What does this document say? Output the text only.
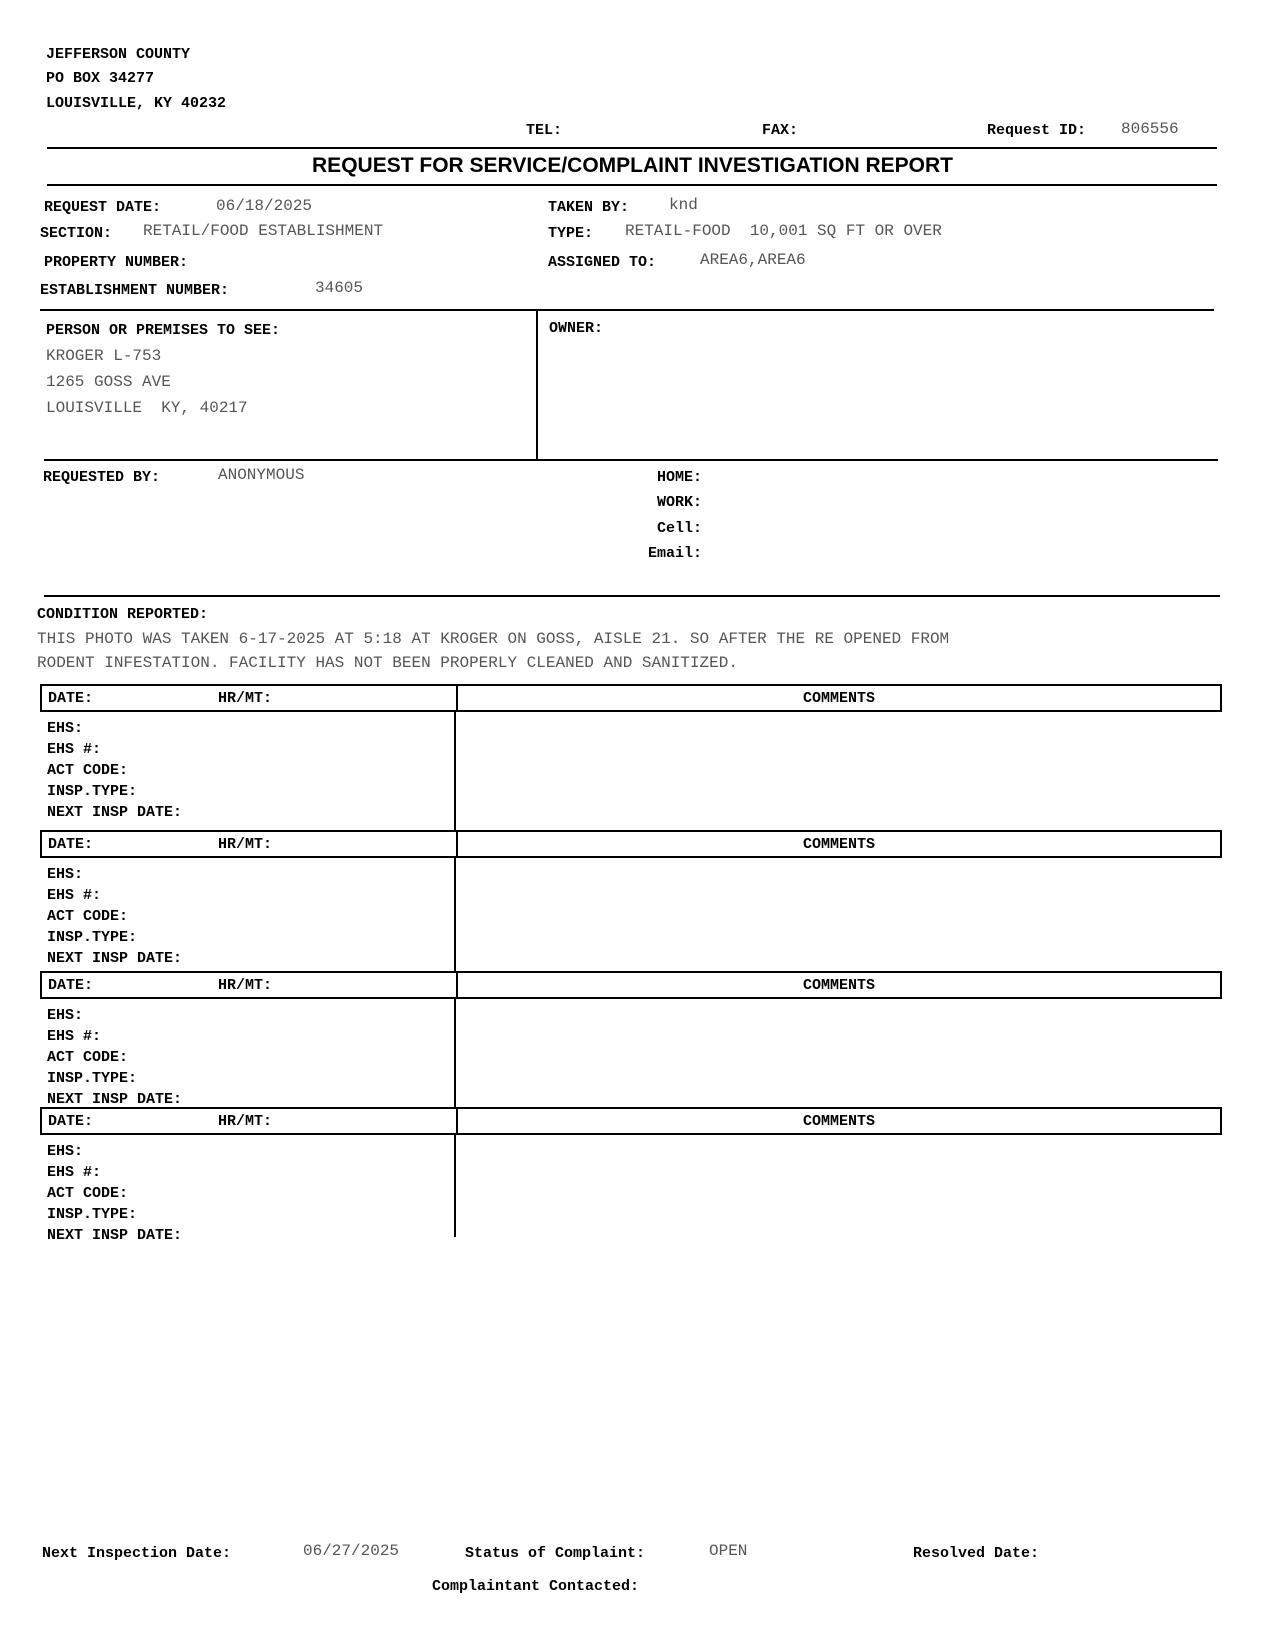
JEFFERSON COUNTY
PO BOX 34277
LOUISVILLE, KY 40232
TEL:	FAX:	Request ID: 806556
REQUEST FOR SERVICE/COMPLAINT INVESTIGATION REPORT
REQUEST DATE:	06/18/2025	TAKEN BY: knd
SECTION: RETAIL/FOOD ESTABLISHMENT	TYPE: RETAIL-FOOD  10,001 SQ FT OR OVER
PROPERTY NUMBER:	ASSIGNED TO:	AREA6,AREA6
ESTABLISHMENT NUMBER:	34605
PERSON OR PREMISES TO SEE:
KROGER L-753
1265 GOSS AVE
LOUISVILLE  KY, 40217
OWNER:
REQUESTED BY:	ANONYMOUS	HOME:
WORK:
Cell:
Email:
CONDITION REPORTED:
THIS PHOTO WAS TAKEN 6-17-2025 AT 5:18 AT KROGER ON GOSS, AISLE 21. SO AFTER THE RE OPENED FROM
RODENT INFESTATION. FACILITY HAS NOT BEEN PROPERLY CLEANED AND SANITIZED.
DATE:	HR/MT:	COMMENTS
EHS:
EHS #:
ACT CODE:
INSP.TYPE:
NEXT INSP DATE:
DATE:	HR/MT:	COMMENTS
EHS:
EHS #:
ACT CODE:
INSP.TYPE:
NEXT INSP DATE:
DATE:	HR/MT:	COMMENTS
EHS:
EHS #:
ACT CODE:
INSP.TYPE:
NEXT INSP DATE:
DATE:	HR/MT:	COMMENTS
EHS:
EHS #:
ACT CODE:
INSP.TYPE:
NEXT INSP DATE:
Next Inspection Date:	06/27/2025	Status of Complaint:	OPEN	Resolved Date:
Complaintant Contacted:
